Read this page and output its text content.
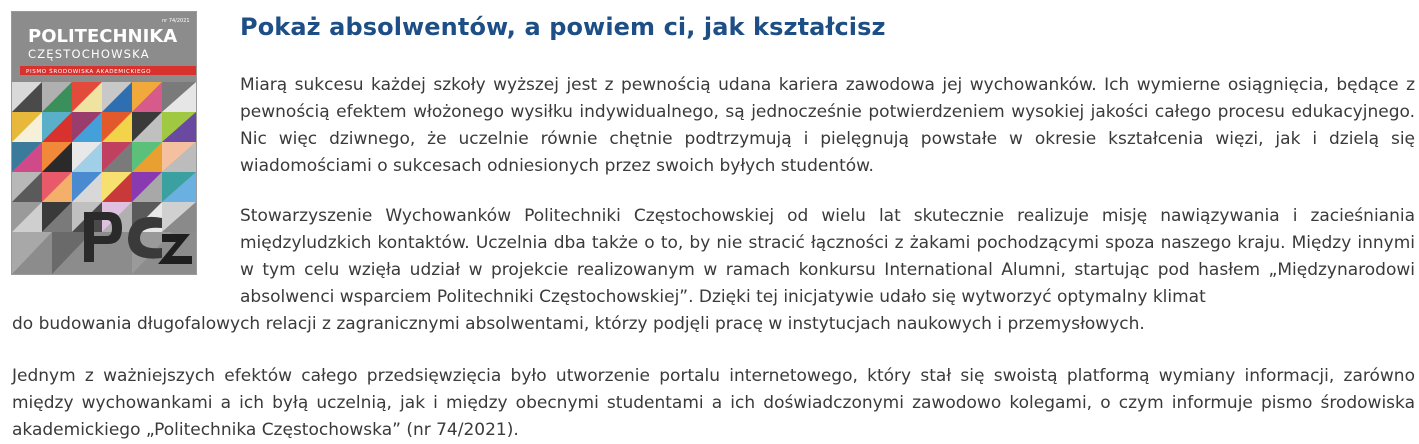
POLITECHNIKA
CZĘSTOCHOWSKA
nr 74/2021
PISMO ŚRODOWISKA AKADEMICKIEGO
Pokaż absolwentów, a powiem ci, jak kształcisz

Miarą sukcesu każdej szkoły wyższej jest z pewnością udana kariera zawodowa jej wychowanków. Ich wymierne osiągnięcia, będące z pewnością efektem włożonego wysiłku indywidualnego, są jednocześnie potwierdzeniem wysokiej jakości całego procesu edukacyjnego. Nic więc dziwnego, że uczelnie równie chętnie podtrzymują i pielęgnują powstałe w okresie kształcenia więzi, jak i dzielą się wiadomościami o sukcesach odniesionych przez swoich byłych studentów.

Stowarzyszenie Wychowanków Politechniki Częstochowskiej od wielu lat skutecznie realizuje misję nawiązywania i zacieśniania międzyludzkich kontaktów. Uczelnia dba także o to, by nie stracić łączności z żakami pochodzącymi spoza naszego kraju. Między innymi w tym celu wzięła udział w projekcie realizowanym w ramach konkursu International Alumni, startując pod hasłem „Międzynarodowi absolwenci wsparciem Politechniki Częstochowskiej”. Dzięki tej inicjatywie udało się wytworzyć optymalny klimat

do budowania długofalowych relacji z zagranicznymi absolwentami, którzy podjęli pracę w instytucjach naukowych i przemysłowych.

Jednym z ważniejszych efektów całego przedsięwzięcia było utworzenie portalu internetowego, który stał się swoistą platformą wymiany informacji, zarówno między wychowankami a ich byłą uczelnią, jak i między obecnymi studentami a ich doświadczonymi zawodowo kolegami, o czym informuje pismo środowiska akademickiego „Politechnika Częstochowska” (nr 74/2021).
